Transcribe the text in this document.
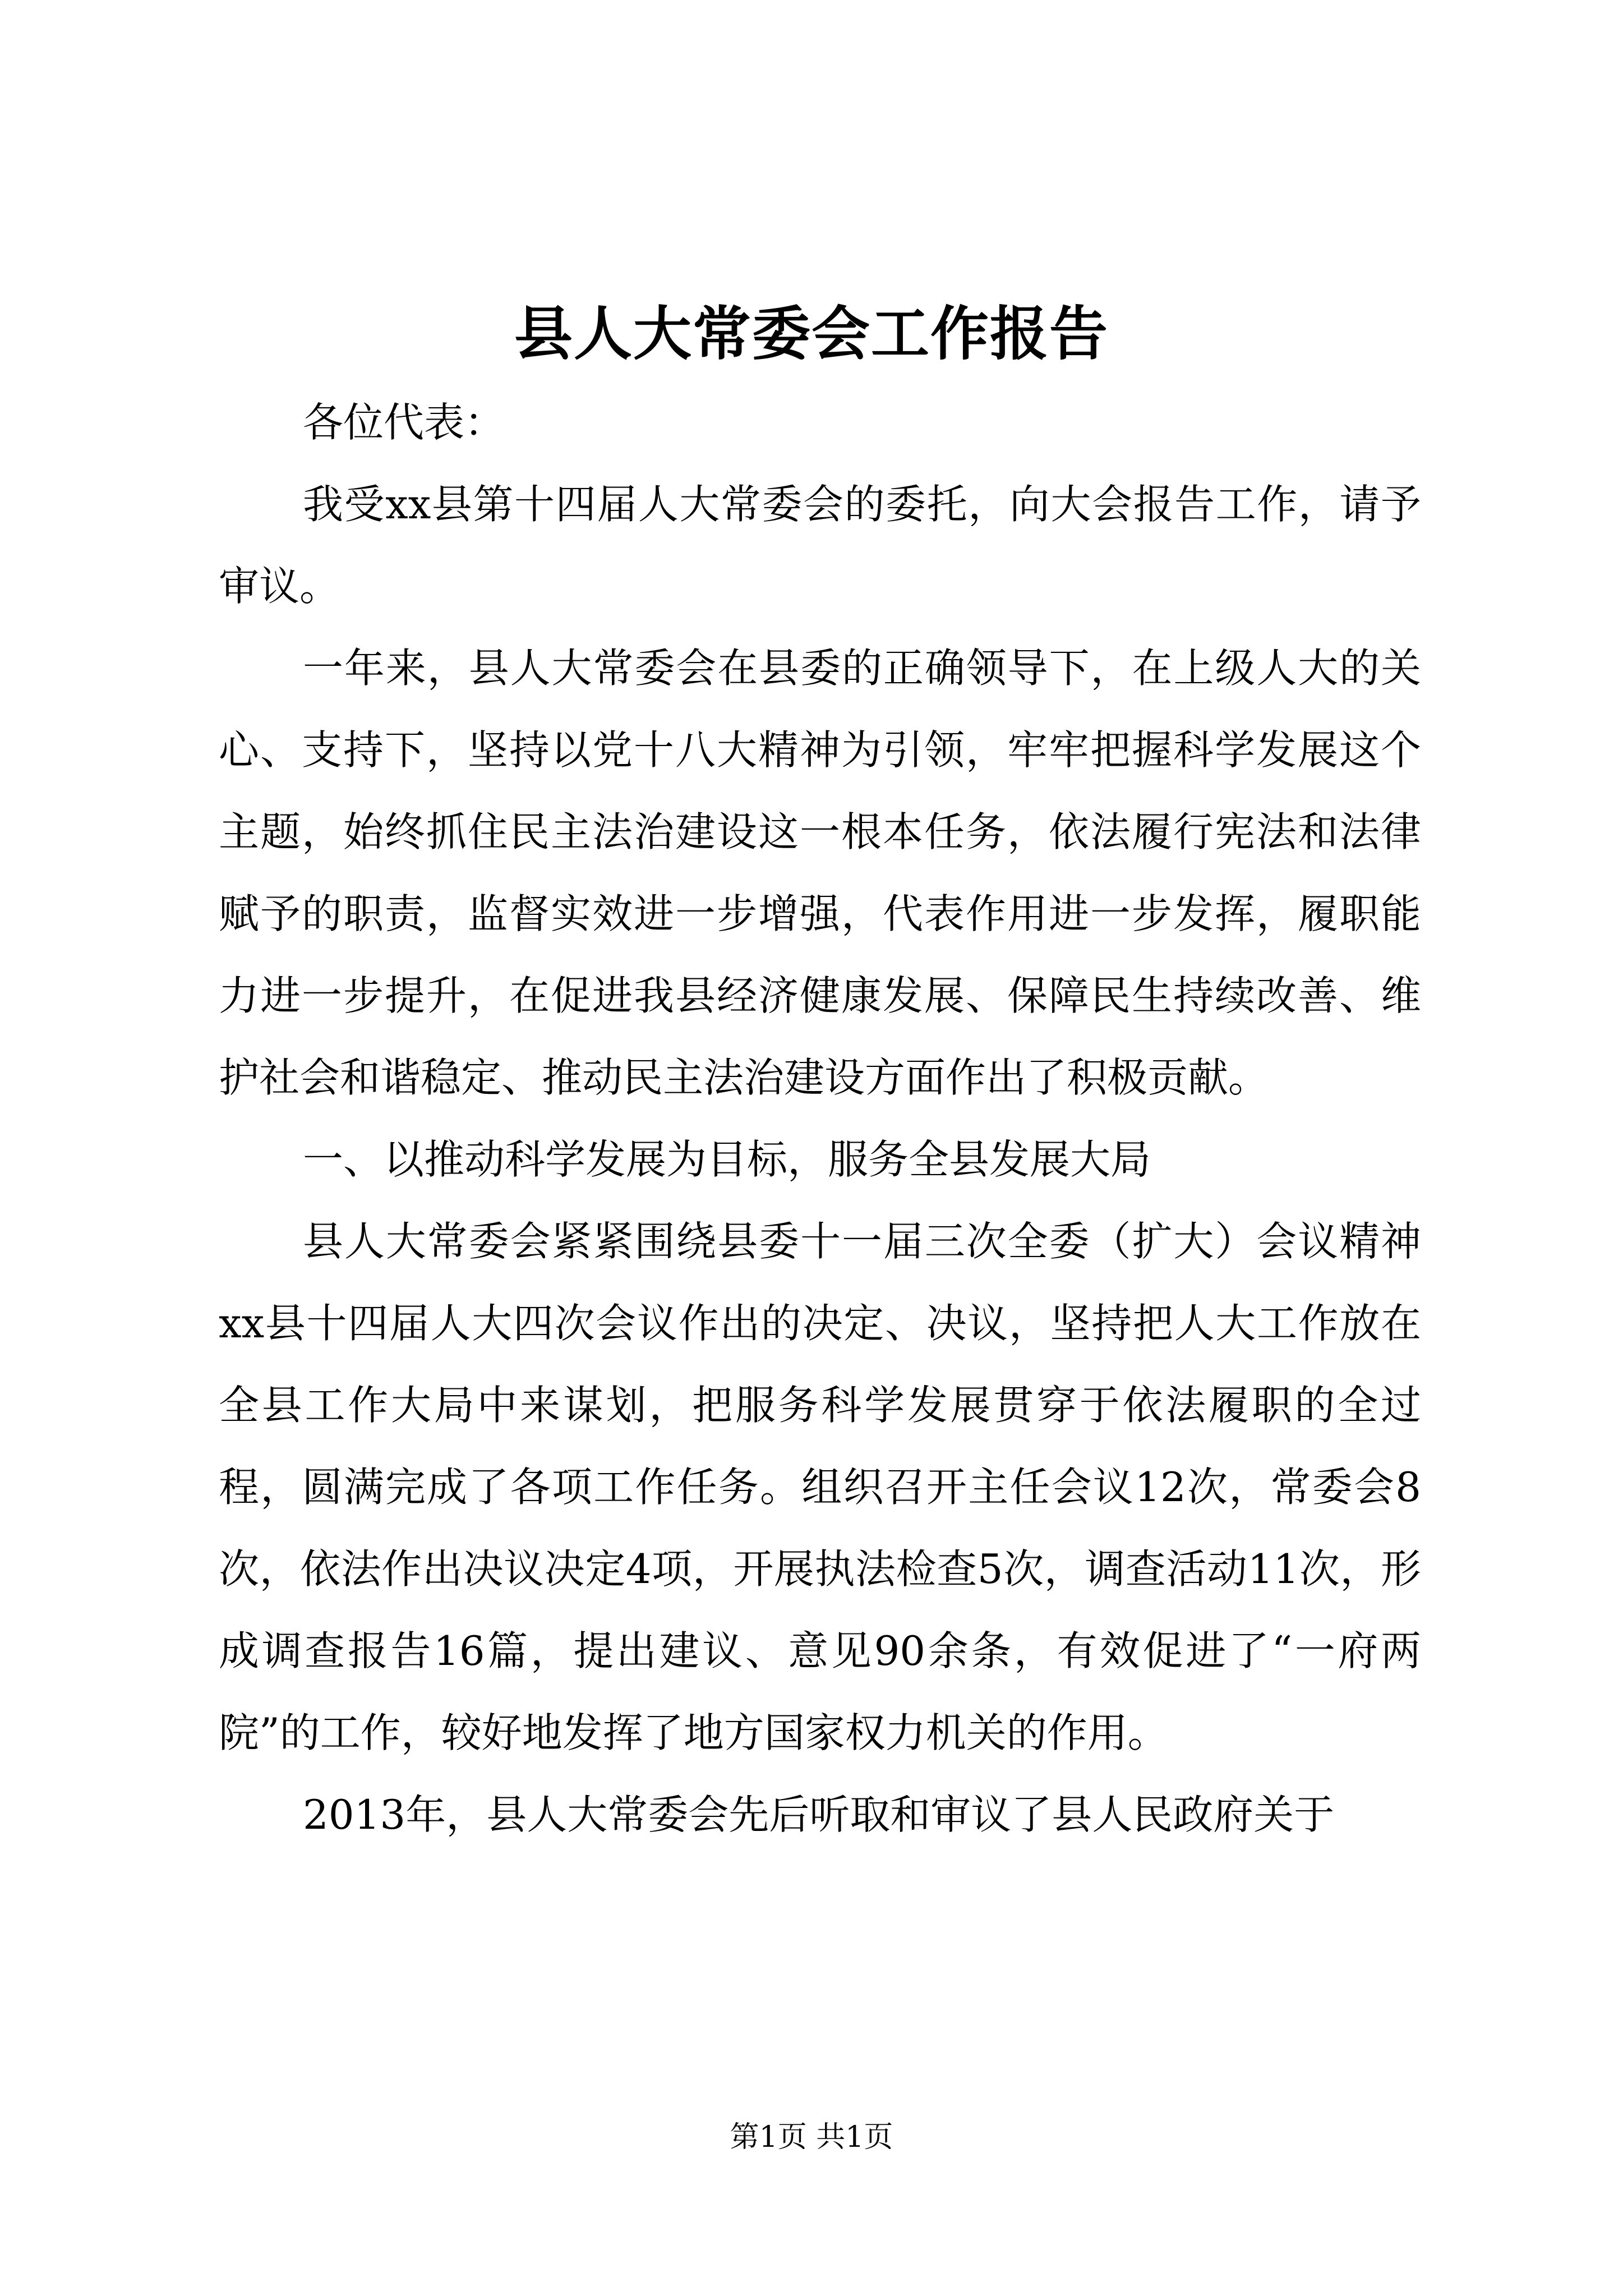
县人大常委会工作报告

各位代表：

我受xx县第十四届人大常委会的委托，向大会报告工作，请予审议。

一年来，县人大常委会在县委的正确领导下，在上级人大的关心、支持下，坚持以党十八大精神为引领，牢牢把握科学发展这个主题，始终抓住民主法治建设这一根本任务，依法履行宪法和法律赋予的职责，监督实效进一步增强，代表作用进一步发挥，履职能力进一步提升，在促进我县经济健康发展、保障民生持续改善、维护社会和谐稳定、推动民主法治建设方面作出了积极贡献。

一、以推动科学发展为目标，服务全县发展大局

县人大常委会紧紧围绕县委十一届三次全委（扩大）会议精神xx县十四届人大四次会议作出的决定、决议，坚持把人大工作放在全县工作大局中来谋划，把服务科学发展贯穿于依法履职的全过程，圆满完成了各项工作任务。组织召开主任会议12次，常委会8次，依法作出决议决定4项，开展执法检查5次，调查活动11次，形成调查报告16篇，提出建议、意见90余条，有效促进了“一府两院”的工作，较好地发挥了地方国家权力机关的作用。

2013年，县人大常委会先后听取和审议了县人民政府关于

第1页 共1页
